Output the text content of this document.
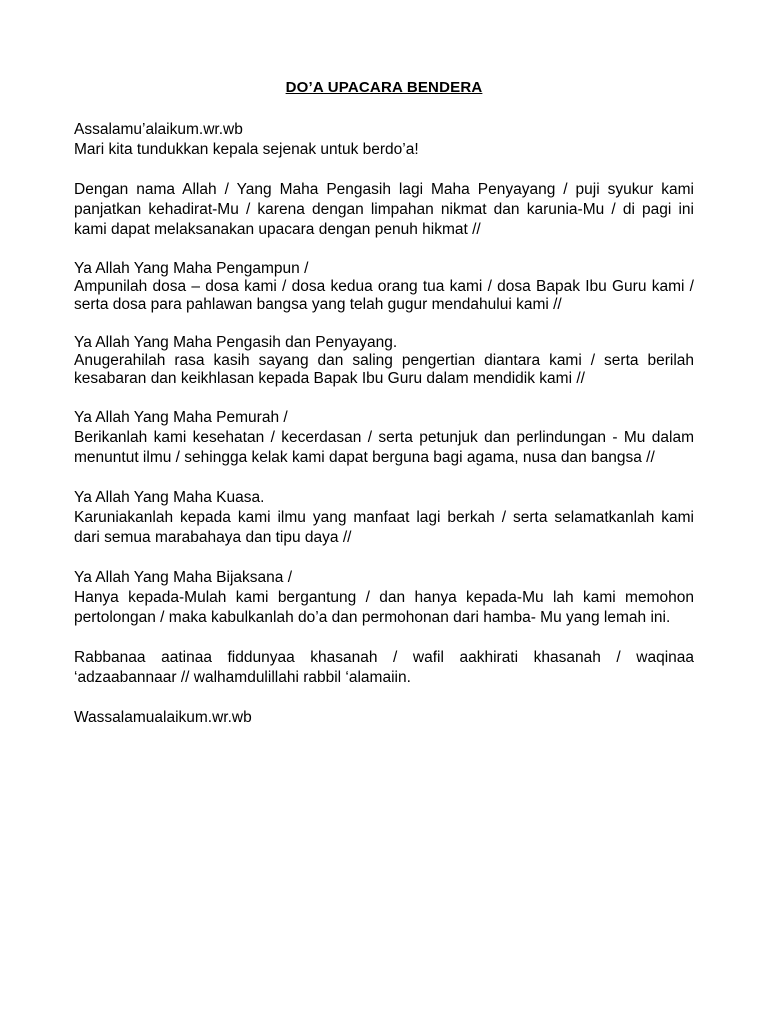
DO’A UPACARA BENDERA

Assalamu’alaikum.wr.wb

Mari kita tundukkan kepala sejenak untuk berdo’a!

Dengan nama Allah / Yang Maha Pengasih lagi Maha Penyayang / puji syukur kami panjatkan kehadirat-Mu / karena dengan limpahan nikmat dan karunia-Mu / di pagi ini kami dapat melaksanakan upacara dengan penuh hikmat //

Ya Allah Yang Maha Pengampun /

Ampunilah dosa – dosa kami / dosa kedua orang tua kami / dosa Bapak Ibu Guru kami / serta dosa para pahlawan bangsa yang telah gugur mendahului kami //

Ya Allah Yang Maha Pengasih dan Penyayang.

Anugerahilah rasa kasih sayang dan saling pengertian diantara kami / serta berilah kesabaran dan keikhlasan kepada Bapak Ibu Guru dalam mendidik kami //

Ya Allah Yang Maha Pemurah /

Berikanlah kami kesehatan / kecerdasan / serta petunjuk dan perlindungan - Mu dalam menuntut ilmu / sehingga kelak kami dapat berguna bagi agama, nusa dan bangsa //

Ya Allah Yang Maha Kuasa.

Karuniakanlah kepada kami ilmu yang manfaat lagi berkah / serta selamatkanlah kami dari semua marabahaya dan tipu daya //

Ya Allah Yang Maha Bijaksana /

Hanya kepada-Mulah kami bergantung / dan hanya kepada-Mu lah kami memohon pertolongan / maka kabulkanlah do’a dan permohonan dari hamba- Mu yang lemah ini.

Rabbanaa aatinaa fiddunyaa khasanah / wafil aakhirati khasanah / waqinaa ‘adzaabannaar // walhamdulillahi rabbil ‘alamaiin.

Wassalamualaikum.wr.wb
